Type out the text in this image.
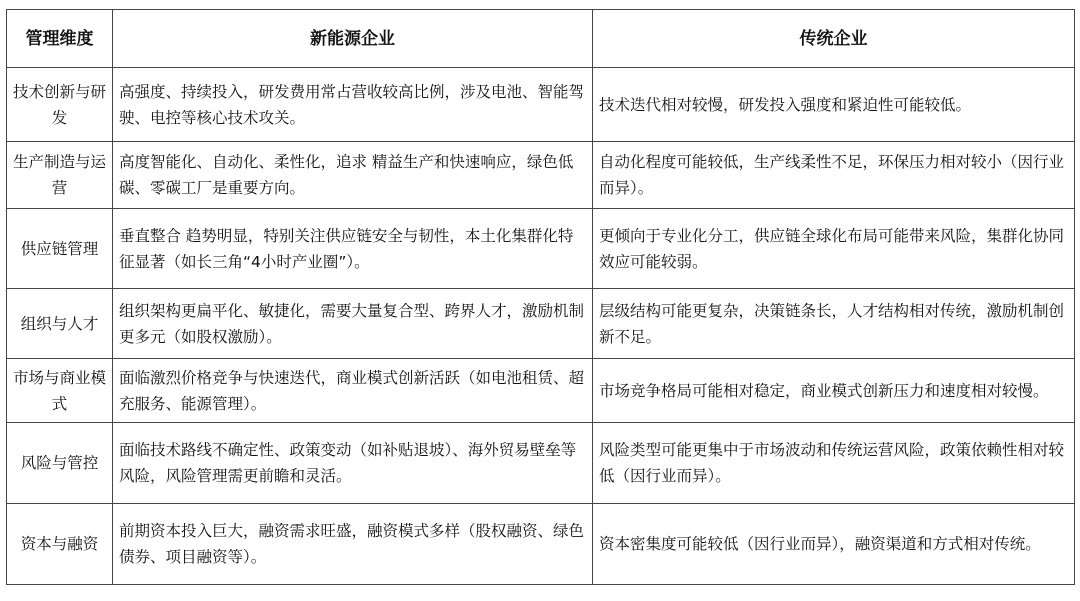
管理维度	新能源企业	传统企业
技术创新与研发	高强度、持续投入，研发费用常占营收较高比例，涉及电池、智能驾驶、电控等核心技术攻关。	技术迭代相对较慢，研发投入强度和紧迫性可能较低。
生产制造与运营	高度智能化、自动化、柔性化，追求 精益生产和快速响应，绿色低碳、零碳工厂是重要方向。	自动化程度可能较低，生产线柔性不足，环保压力相对较小（因行业而异）。
供应链管理	垂直整合 趋势明显，特别关注供应链安全与韧性，本土化集群化特征显著（如长三角“4小时产业圈”）。	更倾向于专业化分工，供应链全球化布局可能带来风险，集群化协同效应可能较弱。
组织与人才	组织架构更扁平化、敏捷化，需要大量复合型、跨界人才，激励机制更多元（如股权激励）。	层级结构可能更复杂，决策链条长，人才结构相对传统，激励机制创新不足。
市场与商业模式	面临激烈价格竞争与快速迭代，商业模式创新活跃（如电池租赁、超充服务、能源管理）。	市场竞争格局可能相对稳定，商业模式创新压力和速度相对较慢。
风险与管控	面临技术路线不确定性、政策变动（如补贴退坡）、海外贸易壁垒等风险，风险管理需更前瞻和灵活。	风险类型可能更集中于市场波动和传统运营风险，政策依赖性相对较低（因行业而异）。
资本与融资	前期资本投入巨大，融资需求旺盛，融资模式多样（股权融资、绿色债券、项目融资等）。	资本密集度可能较低（因行业而异），融资渠道和方式相对传统。
